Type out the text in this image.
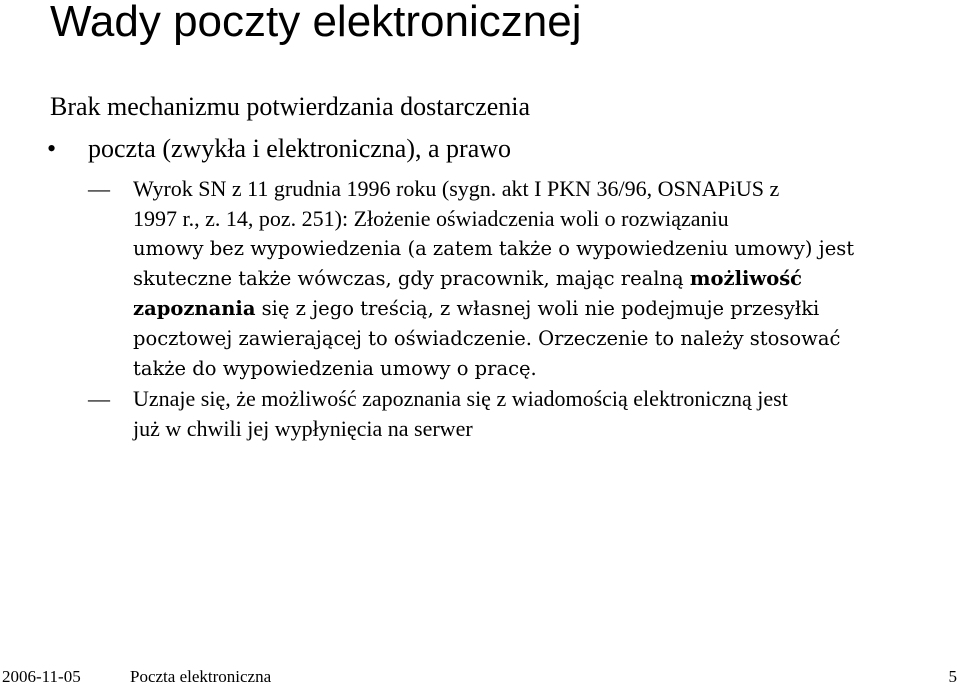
Wady poczty elektronicznej
Brak mechanizmu potwierdzania dostarczenia
• poczta (zwykła i elektroniczna), a prawo
— Wyrok SN z 11 grudnia 1996 roku (sygn. akt I PKN 36/96, OSNAPiUS z
1997 r., z. 14, poz. 251): Złożenie oświadczenia woli o rozwiązaniu
umowy bez wypowiedzenia (a zatem także o wypowiedzeniu umowy) jest
skuteczne także wówczas, gdy pracownik, mając realną możliwość
zapoznania się z jego treścią, z własnej woli nie podejmuje przesyłki
pocztowej zawierającej to oświadczenie. Orzeczenie to należy stosować
także do wypowiedzenia umowy o pracę.
— Uznaje się, że możliwość zapoznania się z wiadomością elektroniczną jest
już w chwili jej wypłynięcia na serwer
2006-11-05	Poczta elektroniczna	5
